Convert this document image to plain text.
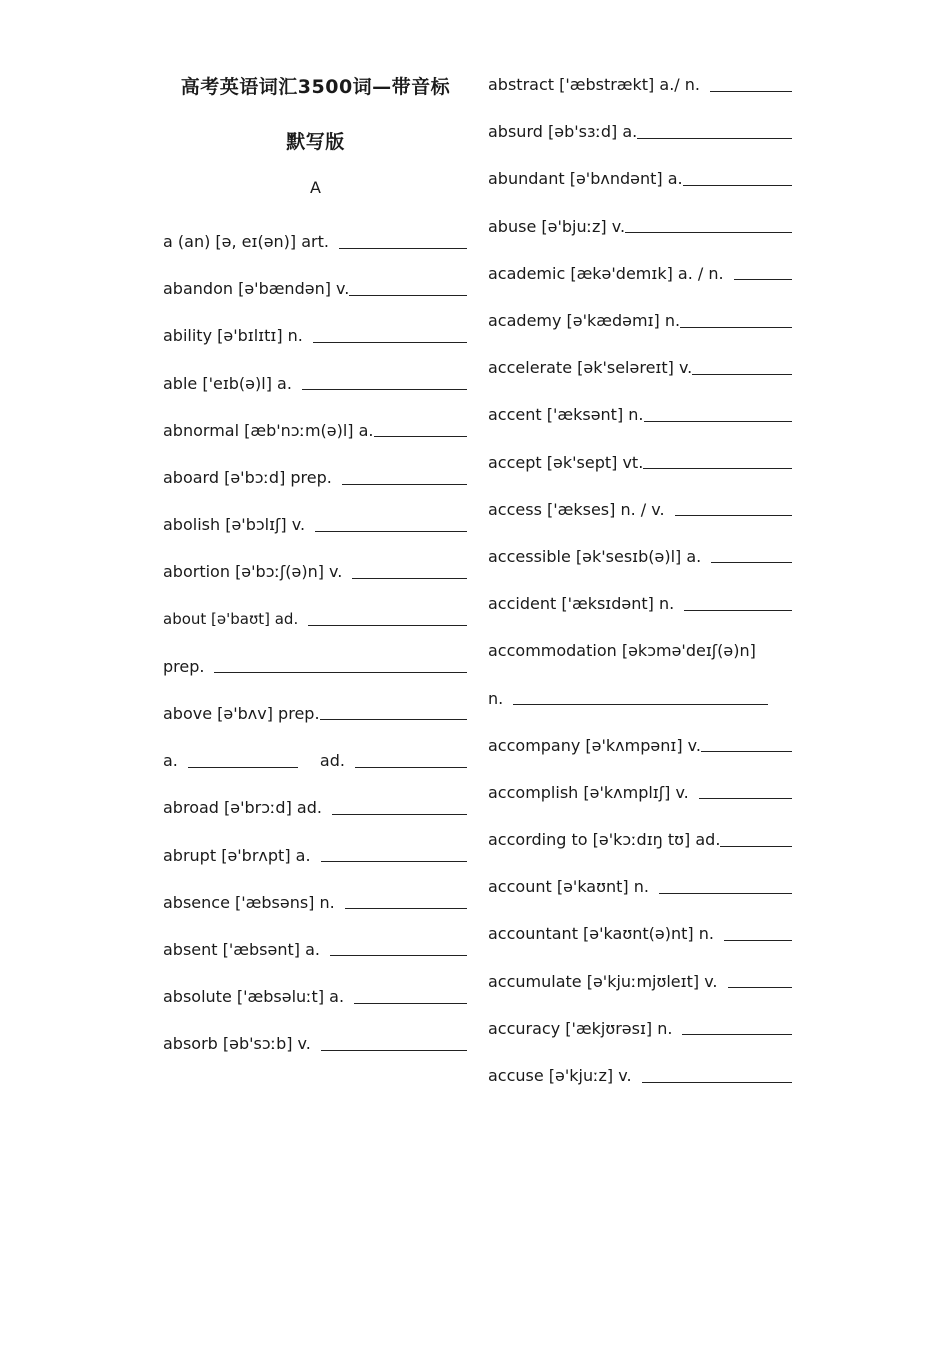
高考英语词汇3500词—带音标
默写版
A
a (an) [ə, eɪ(ən)] art.
abandon [ə'bændən] v.
ability [ə'bɪlɪtɪ] n.
able ['eɪb(ə)l] a.
abnormal [æb'nɔːm(ə)l] a.
aboard [ə'bɔːd] prep.
abolish [ə'bɔlɪʃ] v.
abortion [ə'bɔːʃ(ə)n] v.
about [ə'baʊt] ad.
prep.
above [ə'bʌv] prep.
a.	ad.
abroad [ə'brɔːd] ad.
abrupt [ə'brʌpt] a.
absence ['æbsəns] n.
absent ['æbsənt] a.
absolute ['æbsəluːt] a.
absorb [əb'sɔːb] v.
abstract ['æbstrækt] a./ n.
absurd [əb'sɜːd] a.
abundant [ə'bʌndənt] a.
abuse [ə'bjuːz] v.
academic [ækə'demɪk] a. / n.
academy [ə'kædəmɪ] n.
accelerate [ək'seləreɪt] v.
accent ['æksənt] n.
accept [ək'sept] vt.
access ['ækses] n. / v.
accessible [ək'sesɪb(ə)l] a.
accident ['æksɪdənt] n.
accommodation [əkɔmə'deɪʃ(ə)n]
n.
accompany [ə'kʌmpənɪ] v.
accomplish [ə'kʌmplɪʃ] v.
according to [ə'kɔːdɪŋ tʊ] ad.
account [ə'kaʊnt] n.
accountant [ə'kaʊnt(ə)nt] n.
accumulate [ə'kjuːmjʊleɪt] v.
accuracy ['ækjʊrəsɪ] n.
accuse [ə'kjuːz] v.
